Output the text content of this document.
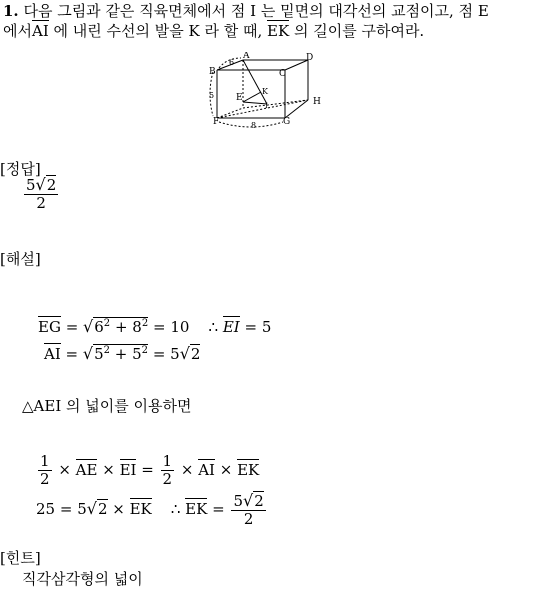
1. 다음 그림과 같은 직육면체에서 점 I 는 밑면의 대각선의 교점이고, 점 E
에서AI 에 내린 수선의 발을 K 라 할 때, EK 의 길이를 구하여라.
A
B	C
D
E
F	G
H
I
K
6
5
8
[정답]
$\frac{5√2}{2}$
[해설]
EG = $√6^2 + 8^2 = 10$ ∴ EI = 5
AI = $√5^2 + 5^2 = 5√2$
△AEI 의 넓이를 이용하면
$\frac{1}{2}$ × AE × EI = $\frac{1}{2}$ × AI × EK
25 = 5√2 × EK ∴ EK = $\frac{5√2}{2}$
[힌트]
직각삼각형의 넓이
